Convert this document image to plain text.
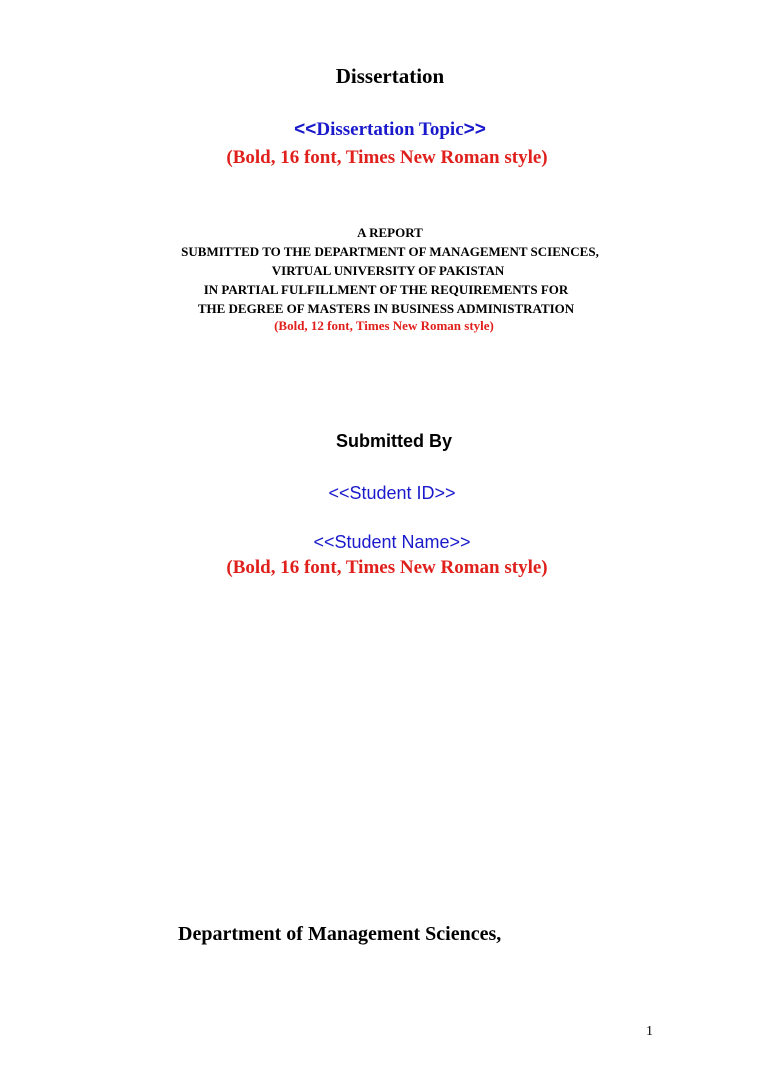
Dissertation

<<Dissertation Topic>>

(Bold, 16 font, Times New Roman style)

A REPORT

SUBMITTED TO THE DEPARTMENT OF MANAGEMENT SCIENCES,

VIRTUAL UNIVERSITY OF PAKISTAN

IN PARTIAL FULFILLMENT OF THE REQUIREMENTS FOR

THE DEGREE OF MASTERS IN BUSINESS ADMINISTRATION

(Bold, 12 font, Times New Roman style)

Submitted By

<<Student ID>>

<<Student Name>>

(Bold, 16 font, Times New Roman style)

Department of Management Sciences,

1
